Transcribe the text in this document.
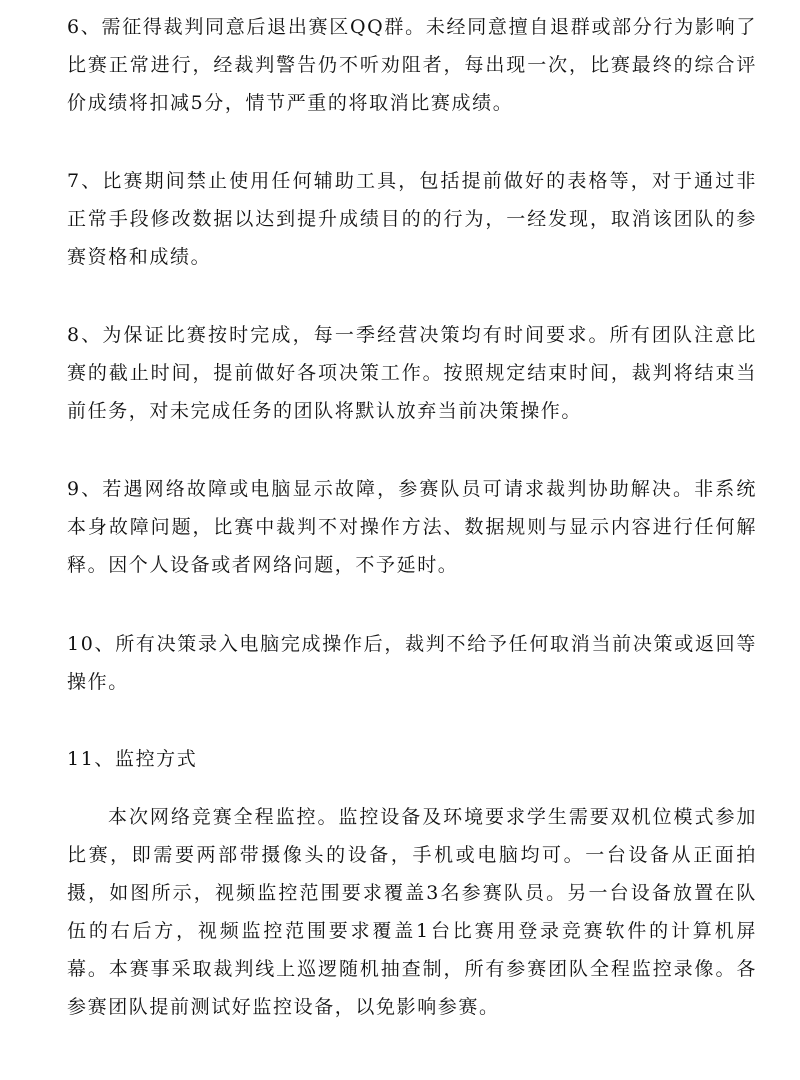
6、需征得裁判同意后退出赛区QQ群。未经同意擅自退群或部分行为影响了比赛正常进行，经裁判警告仍不听劝阻者，每出现一次，比赛最终的综合评价成绩将扣减5分，情节严重的将取消比赛成绩。

7、比赛期间禁止使用任何辅助工具，包括提前做好的表格等，对于通过非正常手段修改数据以达到提升成绩目的的行为，一经发现，取消该团队的参赛资格和成绩。

8、为保证比赛按时完成，每一季经营决策均有时间要求。所有团队注意比赛的截止时间，提前做好各项决策工作。按照规定结束时间，裁判将结束当前任务，对未完成任务的团队将默认放弃当前决策操作。

9、若遇网络故障或电脑显示故障，参赛队员可请求裁判协助解决。非系统本身故障问题，比赛中裁判不对操作方法、数据规则与显示内容进行任何解释。因个人设备或者网络问题，不予延时。

10、所有决策录入电脑完成操作后，裁判不给予任何取消当前决策或返回等操作。

11、监控方式

本次网络竞赛全程监控。监控设备及环境要求学生需要双机位模式参加比赛，即需要两部带摄像头的设备，手机或电脑均可。一台设备从正面拍摄，如图所示，视频监控范围要求覆盖3名参赛队员。另一台设备放置在队伍的右后方，视频监控范围要求覆盖1台比赛用登录竞赛软件的计算机屏幕。本赛事采取裁判线上巡逻随机抽查制，所有参赛团队全程监控录像。各参赛团队提前测试好监控设备，以免影响参赛。
